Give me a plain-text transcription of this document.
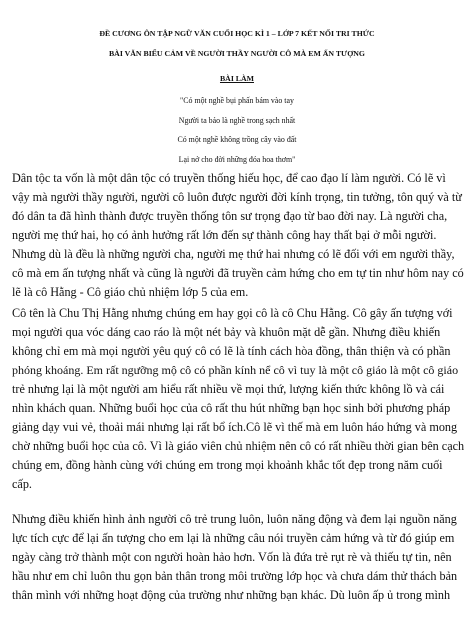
ĐỀ CƯƠNG ÔN TẬP NGỮ VĂN CUỐI HỌC KÌ 1 – LỚP 7 KẾT NỐI TRI THỨC
BÀI VĂN BIỂU CẢM VỀ NGƯỜI THẦY NGƯỜI CÔ MÀ EM ẤN TƯỢNG
BÀI LÀM
"Có một nghề bụi phấn bám vào tay
Người ta bảo là nghề trong sạch nhất
Có một nghề không trồng cây vào đất
Lại nở cho đời những đóa hoa thơm"
Dân tộc ta vốn là một dân tộc có truyền thống hiếu học, để cao đạo lí làm người. Có lẽ vì
vậy mà người thầy người, người cô luôn được người đời kính trọng, tin tưởng, tôn quý và từ
đó dân ta đã hình thành được truyền thống tôn sư trọng đạo từ bao đời nay. Là người cha,
người mẹ thứ hai, họ có ảnh hưởng rất lớn đến sự thành công hay thất bại ở mỗi người.
Nhưng dù là đều là những người cha, người mẹ thứ hai nhưng có lẽ đối với em người thầy,
cô mà em ấn tượng nhất và cũng là người đã truyền cảm hứng cho em tự tin như hôm nay có
lẽ là cô Hằng - Cô giáo chủ nhiệm lớp 5 của em.
Cô tên là Chu Thị Hằng nhưng chúng em hay gọi cô là cô Chu Hằng. Cô gây ấn tượng với
mọi người qua vóc dáng cao ráo là một nét bảy và khuôn mặt dễ gần. Nhưng điều khiến
không chỉ em mà mọi người yêu quý cô có lẽ là tính cách hòa đồng, thân thiện và có phần
phóng khoáng. Em rất ngưỡng mộ cô có phần kính nể cô vì tuy là một cô giáo là một cô giáo
trẻ nhưng lại là một người am hiểu rất nhiều về mọi thứ, lượng kiến thức không lồ và cái
nhìn khách quan. Những buổi học của cô rất thu hút những bạn học sinh bởi phương pháp
giảng dạy vui vẻ, thoải mái nhưng lại rất bổ ích.Cô lẽ vì thế mà em luôn háo hứng và mong
chờ những buổi học của cô. Vì là giáo viên chủ nhiệm nên cô có rất nhiều thời gian bên cạch
chúng em, đồng hành cùng với chúng em trong mọi khoảnh khắc tốt đẹp trong năm cuối
cấp.
Nhưng điều khiến hình ảnh người cô trẻ trung luôn, luôn năng động và đem lại nguồn năng
lực tích cực để lại ấn tượng cho em lại là những câu nói truyền cảm hứng và từ đó giúp em
ngày càng trở thành một con người hoàn hảo hơn. Vốn là đứa trẻ rụt rè và thiếu tự tin, nên
hầu như em chỉ luôn thu gọn bản thân trong môi trường lớp học và chưa dám thử thách bản
thân mình với những hoạt động của trường như những bạn khác. Dù luôn ấp ủ trong mình
